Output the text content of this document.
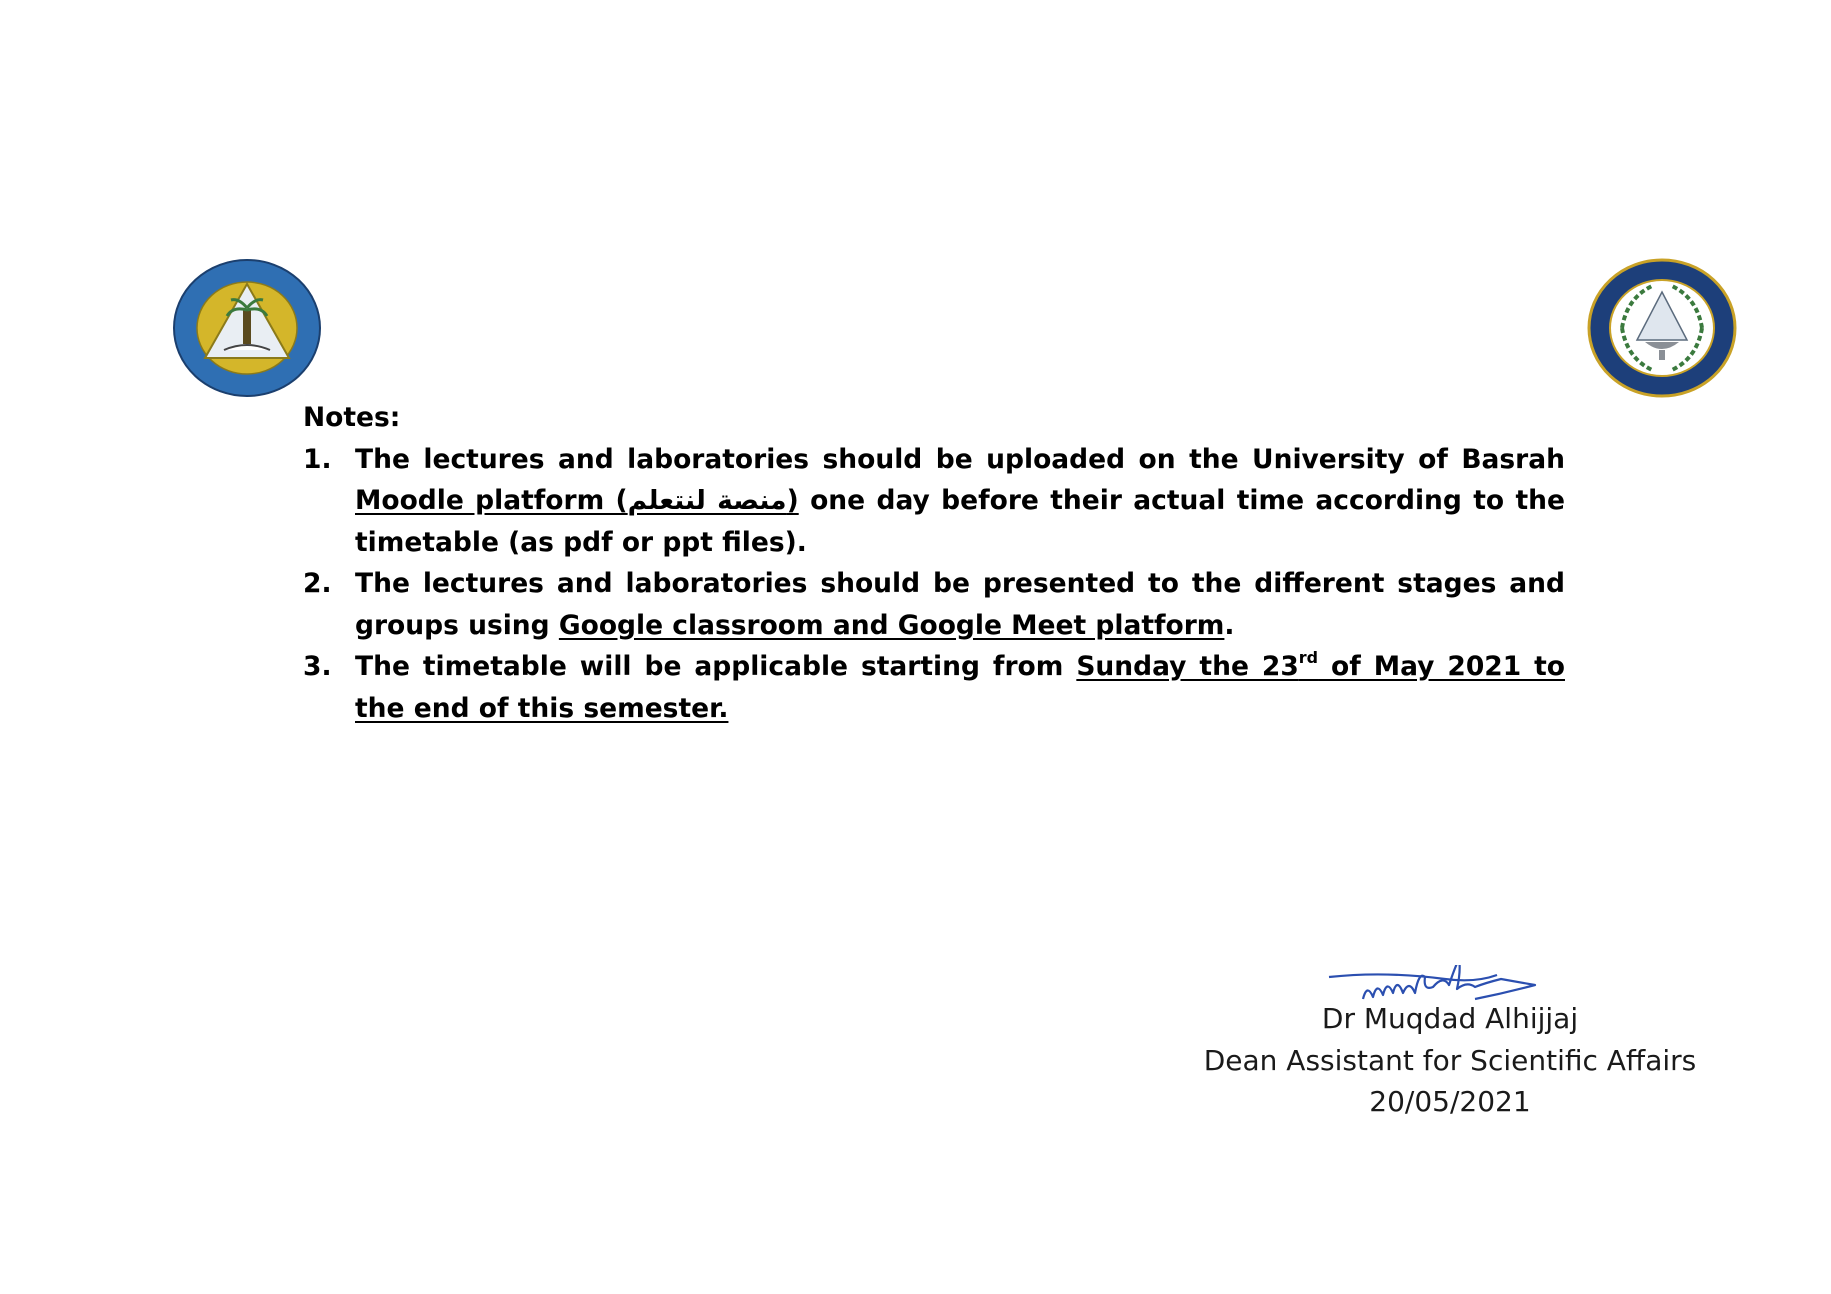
Notes:

1. The lectures and laboratories should be uploaded on the University of Basrah Moodle platform (منصة لنتعلم) one day before their actual time according to the timetable (as pdf or ppt files).
2. The lectures and laboratories should be presented to the different stages and groups using Google classroom and Google Meet platform.
3. The timetable will be applicable starting from Sunday the 23rd of May 2021 to the end of this semester.

Dr Muqdad Alhijjaj

Dean Assistant for Scientific Affairs

20/05/2021
